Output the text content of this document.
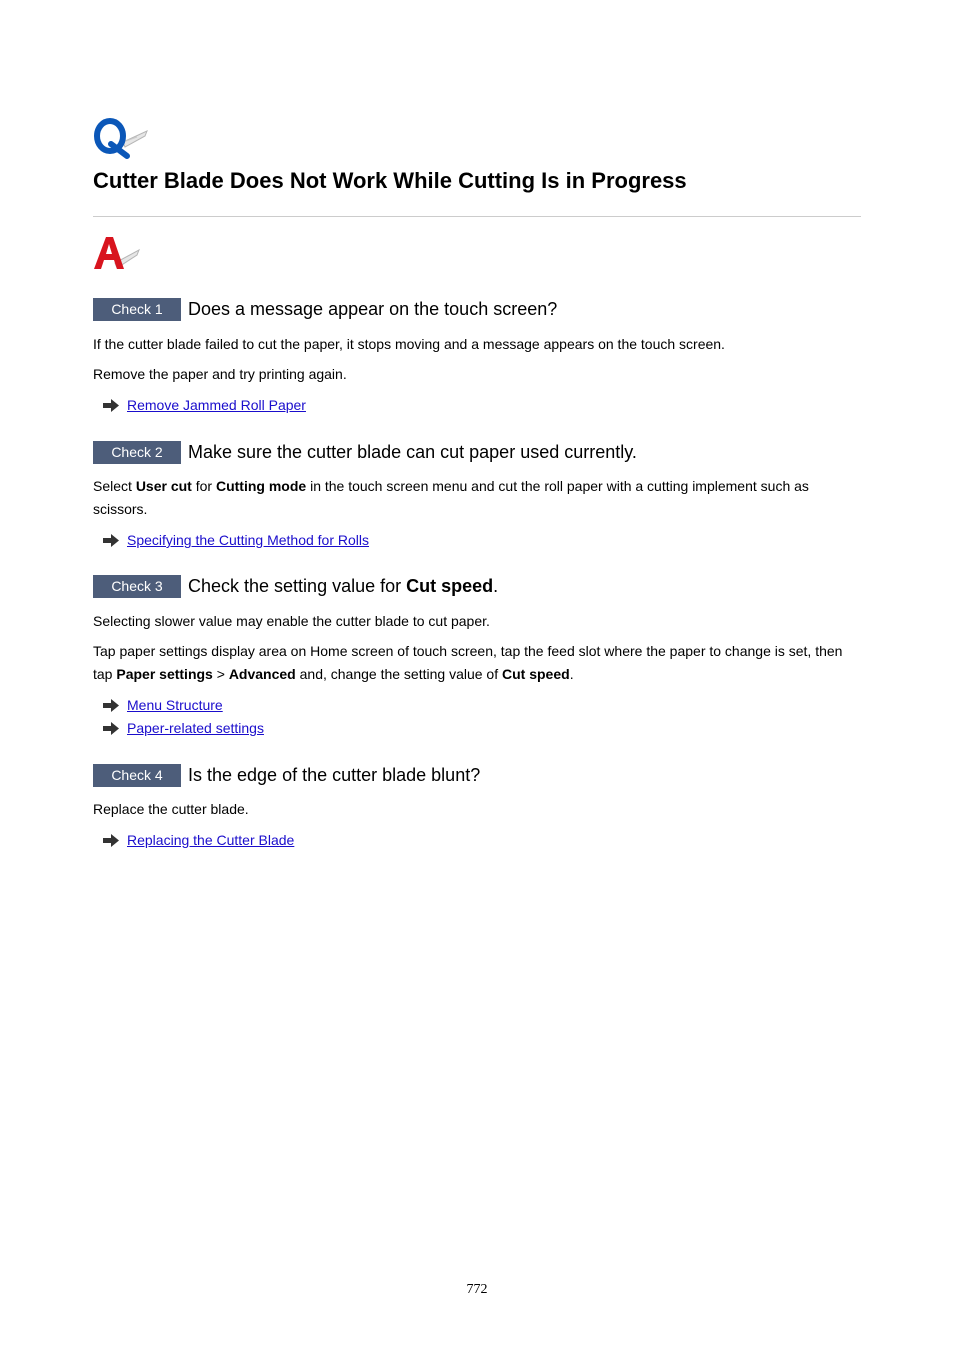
Cutter Blade Does Not Work While Cutting Is in Progress
Check 1	Does a message appear on the touch screen?

If the cutter blade failed to cut the paper, it stops moving and a message appears on the touch screen.

Remove the paper and try printing again.

Remove Jammed Roll Paper
Check 2	Make sure the cutter blade can cut paper used currently.

Select User cut for Cutting mode in the touch screen menu and cut the roll paper with a cutting implement such as scissors.

Specifying the Cutting Method for Rolls
Check 3	Check the setting value for Cut speed.

Selecting slower value may enable the cutter blade to cut paper.

Tap paper settings display area on Home screen of touch screen, tap the feed slot where the paper to change is set, then tap Paper settings > Advanced and, change the setting value of Cut speed.

Menu Structure
Paper-related settings
Check 4	Is the edge of the cutter blade blunt?

Replace the cutter blade.

Replacing the Cutter Blade
772
